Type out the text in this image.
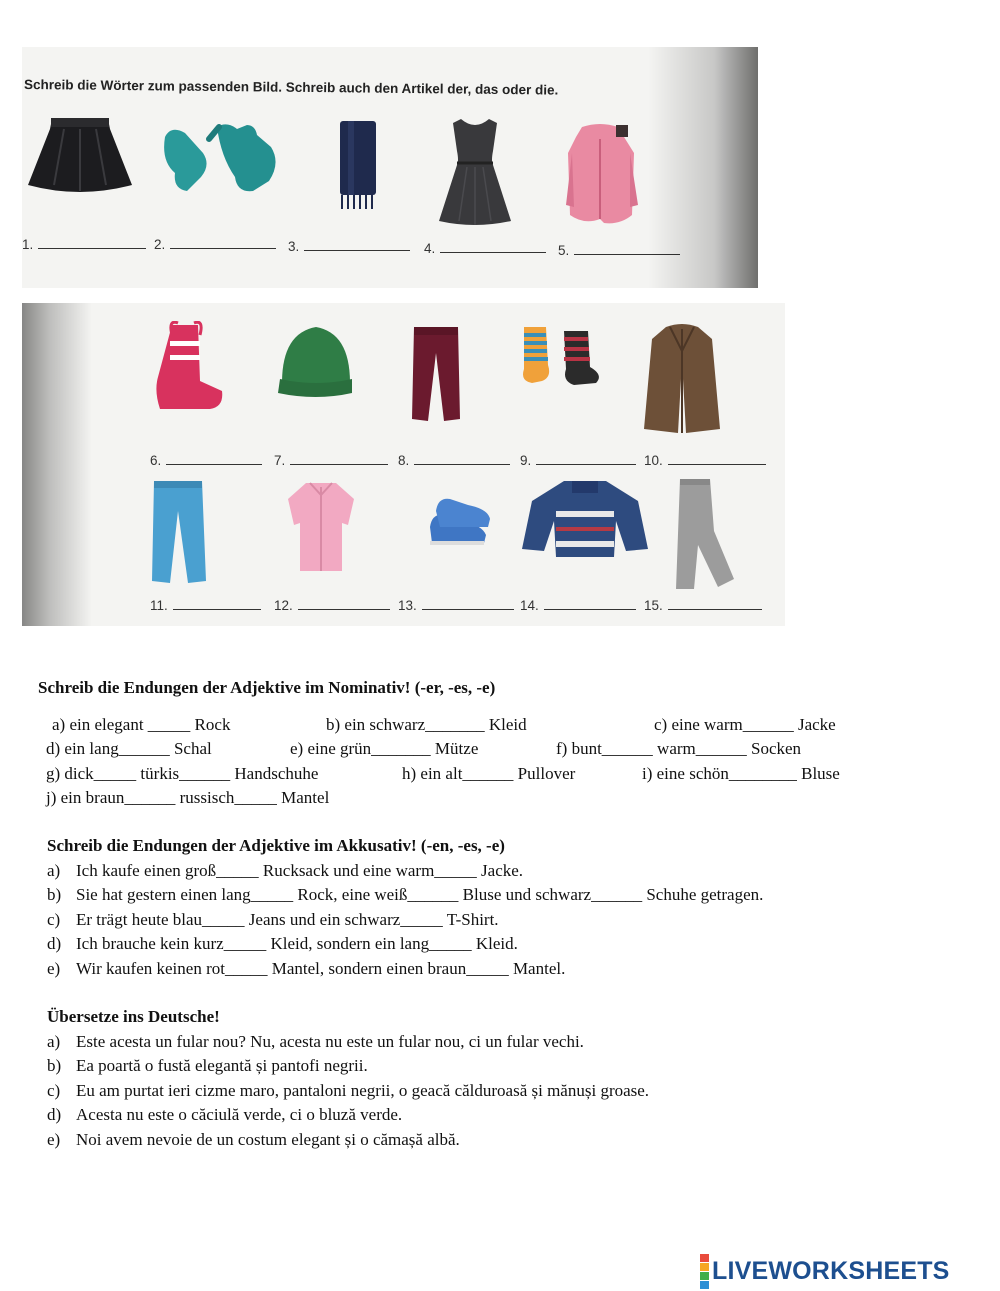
Schreib die Wörter zum passenden Bild. Schreib auch den Artikel der, das oder die.
1.	2.	3.	4.	5.
6.	7.	8.	9.	10.
11.	12.	13.	14.	15.
Schreib die Endungen der Adjektive im Nominativ! (-er, -es, -e)
a) ein elegant _____ Rock	b) ein schwarz_______ Kleid	c) eine warm______ Jacke
d) ein lang______ Schal	e) eine grün_______ Mütze	f) bunt______ warm______ Socken
g) dick_____ türkis______ Handschuhe	h) ein alt______ Pullover	i) eine schön________ Bluse
j) ein braun______ russisch_____ Mantel
Schreib die Endungen der Adjektive im Akkusativ! (-en, -es, -e)
a) Ich kaufe einen groß_____ Rucksack und eine warm_____ Jacke.
b) Sie hat gestern einen lang_____ Rock, eine weiß______ Bluse und schwarz______ Schuhe getragen.
c) Er trägt heute blau_____ Jeans und ein schwarz_____ T-Shirt.
d) Ich brauche kein kurz_____ Kleid, sondern ein lang_____ Kleid.
e) Wir kaufen keinen rot_____ Mantel, sondern einen braun_____ Mantel.
Übersetze ins Deutsche!
a) Este acesta un fular nou? Nu, acesta nu este un fular nou, ci un fular vechi.
b) Ea poartă o fustă elegantă și pantofi negrii.
c) Eu am purtat ieri cizme maro, pantaloni negrii, o geacă călduroasă și mănuși groase.
d) Acesta nu este o căciulă verde, ci o bluză verde.
e) Noi avem nevoie de un costum elegant și o cămașă albă.
LIVEWORKSHEETS
